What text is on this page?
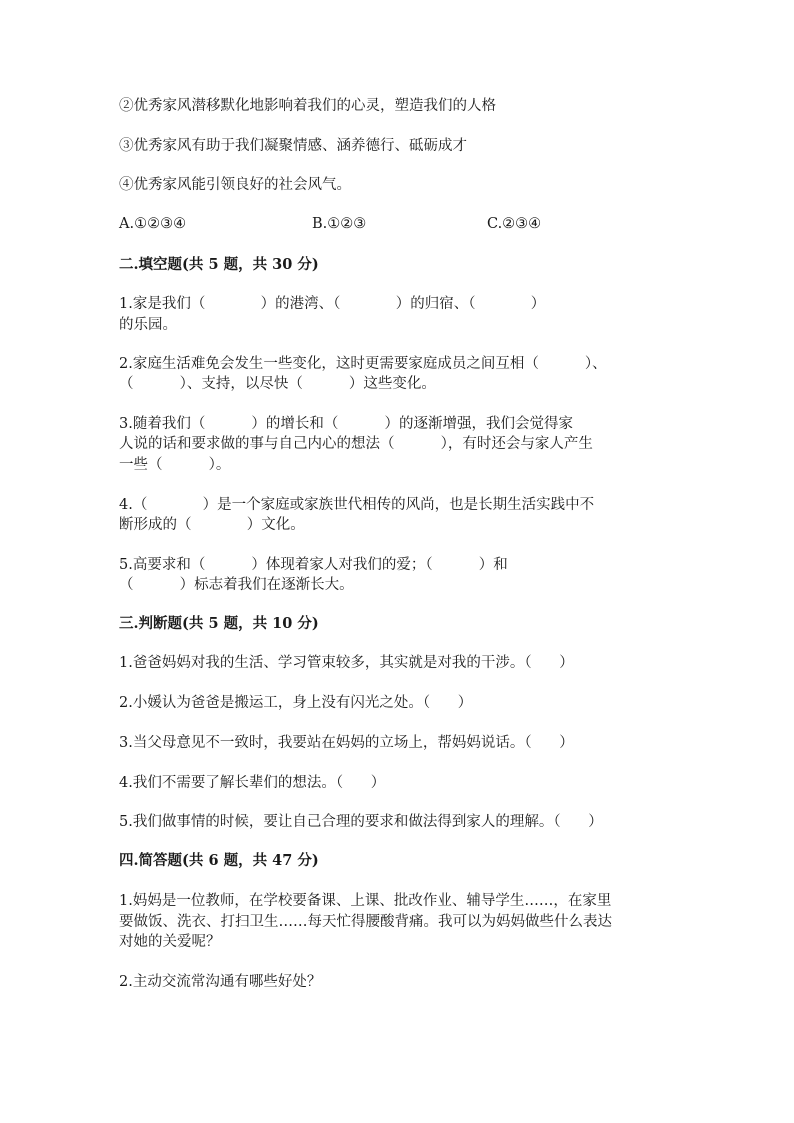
②优秀家风潜移默化地影响着我们的心灵，塑造我们的人格
③优秀家风有助于我们凝聚情感、涵养德行、砥砺成才
④优秀家风能引领良好的社会风气。
A.①②③④	B.①②③	C.②③④
二.填空题(共 5 题，共 30 分)
1.家是我们（            ）的港湾、（            ）的归宿、（            ）
的乐园。
2.家庭生活难免会发生一些变化，这时更需要家庭成员之间互相（          ）、
（          ）、支持，以尽快（          ）这些变化。
3.随着我们（          ）的增长和（          ）的逐渐增强，我们会觉得家
人说的话和要求做的事与自己内心的想法（          ），有时还会与家人产生
一些（          ）。
4.（            ）是一个家庭或家族世代相传的风尚，也是长期生活实践中不
断形成的（            ）文化。
5.高要求和（          ）体现着家人对我们的爱；（          ）和
（          ）标志着我们在逐渐长大。
三.判断题(共 5 题，共 10 分)
1.爸爸妈妈对我的生活、学习管束较多，其实就是对我的干涉。（      ）
2.小媛认为爸爸是搬运工，身上没有闪光之处。（      ）
3.当父母意见不一致时，我要站在妈妈的立场上，帮妈妈说话。（      ）
4.我们不需要了解长辈们的想法。（      ）
5.我们做事情的时候，要让自己合理的要求和做法得到家人的理解。（      ）
四.简答题(共 6 题，共 47 分)
1.妈妈是一位教师，在学校要备课、上课、批改作业、辅导学生……，在家里
要做饭、洗衣、打扫卫生……每天忙得腰酸背痛。我可以为妈妈做些什么表达
对她的关爱呢？
2.主动交流常沟通有哪些好处？
